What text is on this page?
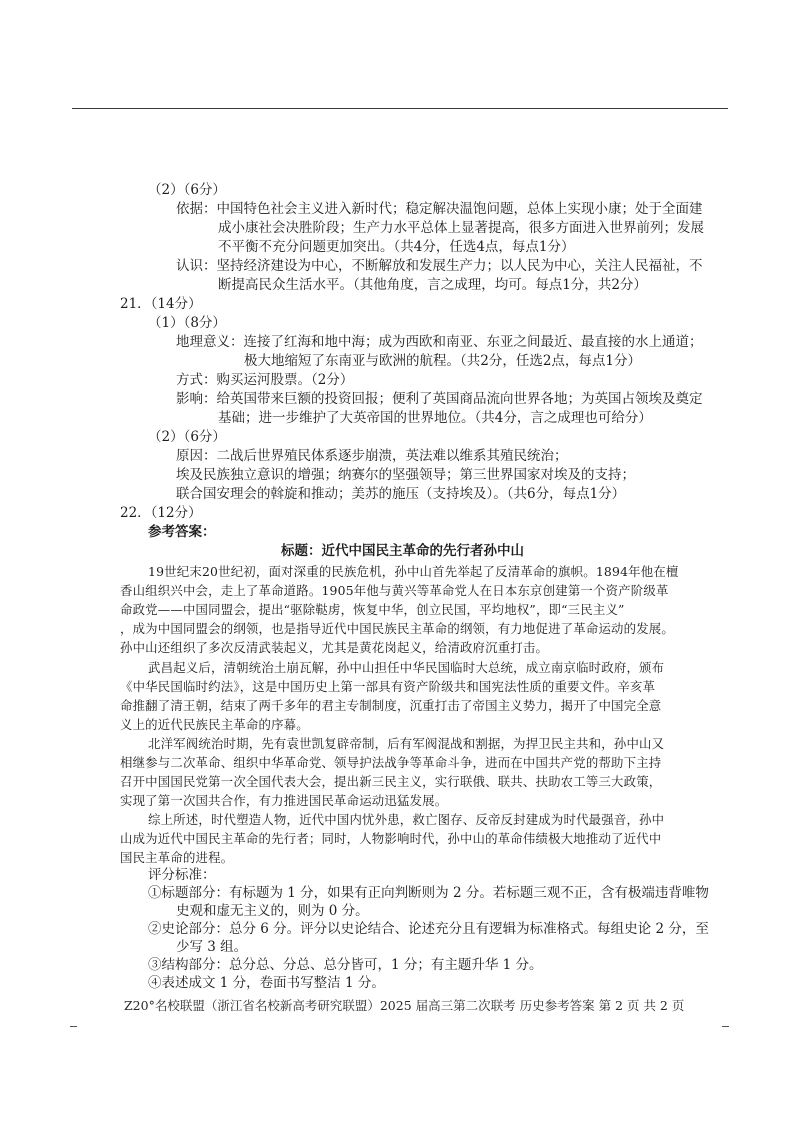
（2）（6分）
依据：中国特色社会主义进入新时代；稳定解决温饱问题，总体上实现小康；处于全面建
成小康社会决胜阶段；生产力水平总体上显著提高，很多方面进入世界前列；发展
不平衡不充分问题更加突出。（共4分，任选4点，每点1分）
认识：坚持经济建设为中心，不断解放和发展生产力；以人民为中心，关注人民福祉，不
断提高民众生活水平。（其他角度，言之成理，均可。每点1分，共2分）
21．（14分）
（1）（8分）
地理意义：连接了红海和地中海；成为西欧和南亚、东亚之间最近、最直接的水上通道；
极大地缩短了东南亚与欧洲的航程。（共2分，任选2点，每点1分）
方式：购买运河股票。（2分）
影响：给英国带来巨额的投资回报；便利了英国商品流向世界各地；为英国占领埃及奠定
基础；进一步维护了大英帝国的世界地位。（共4分，言之成理也可给分）
（2）（6分）
原因：二战后世界殖民体系逐步崩溃，英法难以维系其殖民统治；
埃及民族独立意识的增强；纳赛尔的坚强领导；第三世界国家对埃及的支持；
联合国安理会的斡旋和推动；美苏的施压（支持埃及）。（共6分，每点1分）
22．（12分）
参考答案：
标题：近代中国民主革命的先行者孙中山
19世纪末20世纪初，面对深重的民族危机，孙中山首先举起了反清革命的旗帜。1894年他在檀
香山组织兴中会，走上了革命道路。1905年他与黄兴等革命党人在日本东京创建第一个资产阶级革
命政党——中国同盟会，提出“驱除鞑虏，恢复中华，创立民国，平均地权”，即“三民主义”
，成为中国同盟会的纲领，也是指导近代中国民族民主革命的纲领，有力地促进了革命运动的发展。
孙中山还组织了多次反清武装起义，尤其是黄花岗起义，给清政府沉重打击。
武昌起义后，清朝统治土崩瓦解，孙中山担任中华民国临时大总统，成立南京临时政府，颁布
《中华民国临时约法》，这是中国历史上第一部具有资产阶级共和国宪法性质的重要文件。辛亥革
命推翻了清王朝，结束了两千多年的君主专制制度，沉重打击了帝国主义势力，揭开了中国完全意
义上的近代民族民主革命的序幕。
北洋军阀统治时期，先有袁世凯复辟帝制，后有军阀混战和割据，为捍卫民主共和，孙中山又
相继参与二次革命、组织中华革命党、领导护法战争等革命斗争，进而在中国共产党的帮助下主持
召开中国国民党第一次全国代表大会，提出新三民主义，实行联俄、联共、扶助农工等三大政策，
实现了第一次国共合作，有力推进国民革命运动迅猛发展。
综上所述，时代塑造人物，近代中国内忧外患，救亡图存、反帝反封建成为时代最强音，孙中
山成为近代中国民主革命的先行者；同时，人物影响时代，孙中山的革命伟绩极大地推动了近代中
国民主革命的进程。
评分标准：
①标题部分：有标题为 1 分，如果有正向判断则为 2 分。若标题三观不正，含有极端违背唯物
史观和虚无主义的，则为 0 分。
②史论部分：总分 6 分。评分以史论结合、论述充分且有逻辑为标准格式。每组史论 2 分，至
少写 3 组。
Z20°名校联盟（浙江省名校新高考研究联盟）2025 届高三第二次联考 历史参考答案 第 2 页 共 2 页
③结构部分：总分总、分总、总分皆可，1 分；有主题升华 1 分。
④表述成文 1 分，卷面书写整洁 1 分。
